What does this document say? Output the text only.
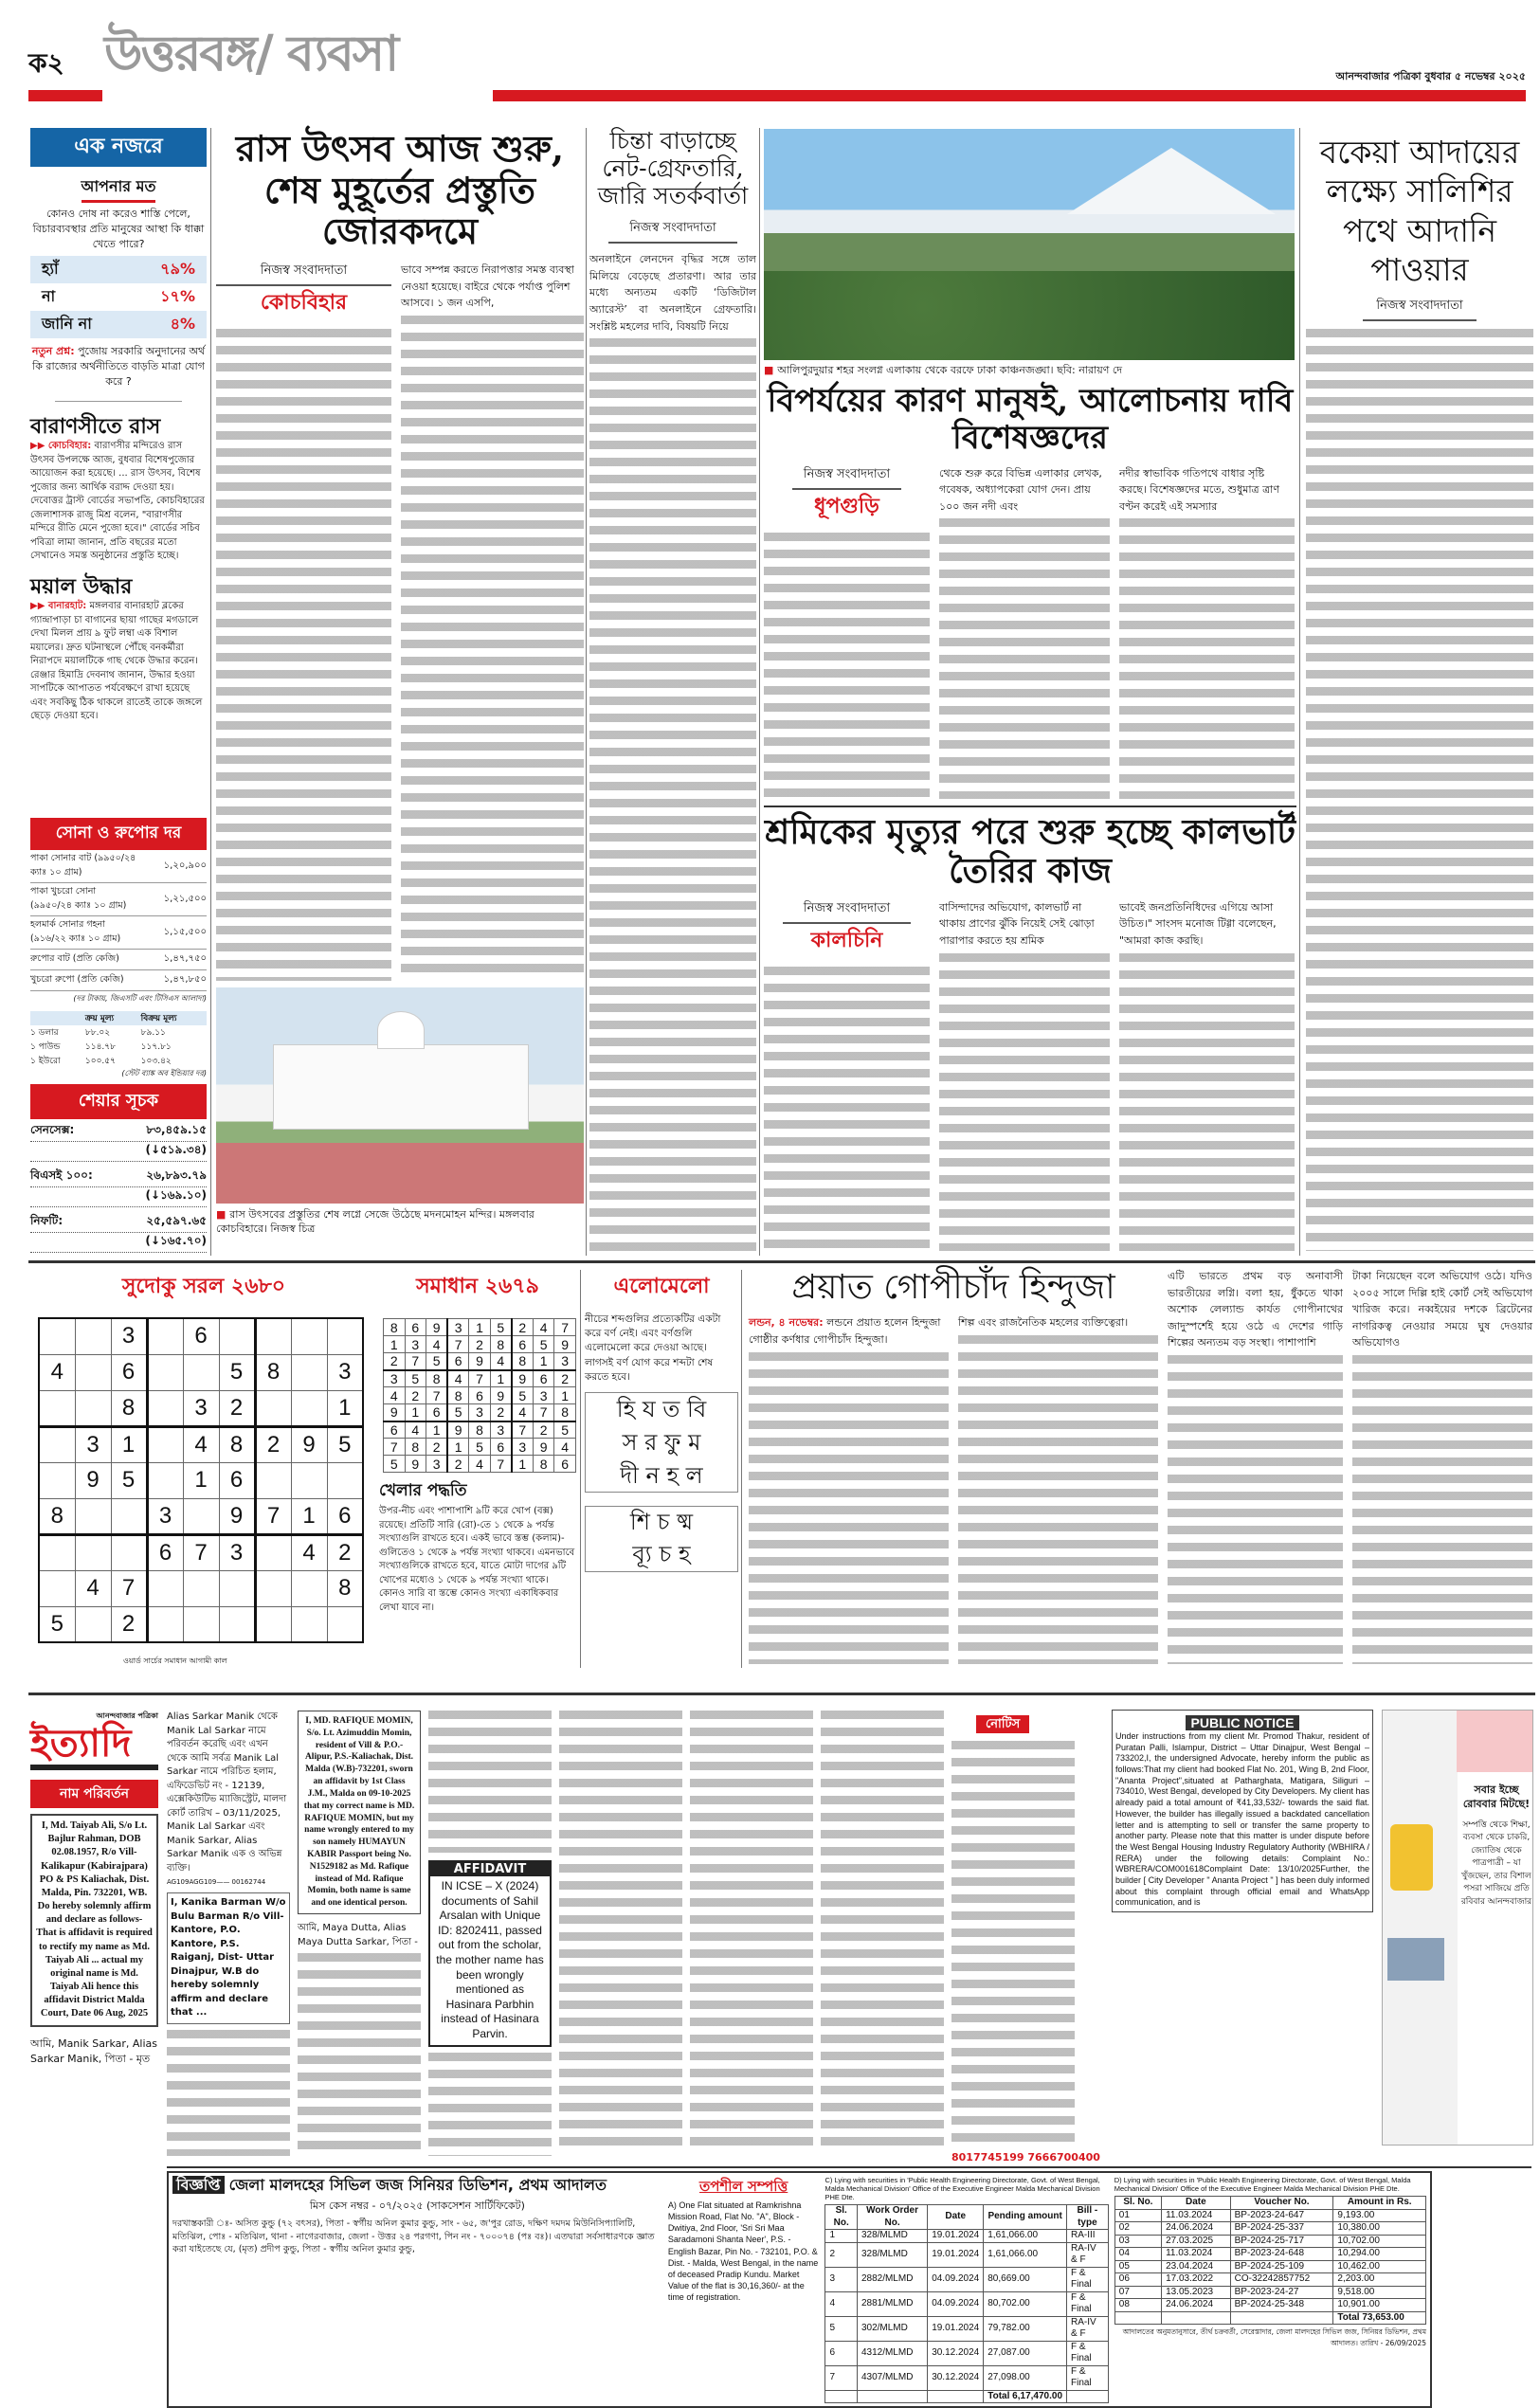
ক২ উত্তরবঙ্গ/ ব্যবসা	আনন্দবাজার পত্রিকা বুধবার ৫ নভেম্বর ২০২৫
এক নজরে
আপনার মত
কোনও দোষ না করেও শাস্তি পেলে, বিচারব্যবস্থার প্রতি মানুষের আস্থা কি ধাক্কা খেতে পারে?
হ্যাঁ	৭৯%
না	১৭%
জানি না	৪%
নতুন প্রশ্ন: পুজোয় সরকারি অনুদানের অর্থ কি রাজ্যের অর্থনীতিতে বাড়তি মাত্রা যোগ করে ?
বারাণসীতে রাস
▶▶ কোচবিহার: বারাণসীর মন্দিরেও রাস উৎসব উপলক্ষে আজ, বুধবার বিশেষপুজোর আয়োজন করা হয়েছে। ... রাস উৎসব, বিশেষ পুজোর জন্য আর্থিক বরাদ্দ দেওয়া হয়। দেবোত্তর ট্রাস্ট বোর্ডের সভাপতি, কোচবিহারের জেলাশাসক রাজু মিশ্র বলেন, "বারাণসীর মন্দিরে রীতি মেনে পুজো হবে।" বোর্ডের সচিব পবিত্রা লামা জানান, প্রতি বছরের মতো সেখানেও সমস্ত অনুষ্ঠানের প্রস্তুতি হচ্ছে।
ময়াল উদ্ধার
▶▶ বানারহাট: মঙ্গলবার বানারহাট ব্লকের গ্যান্দ্রাপাড়া চা বাগানের ছায়া গাছের মগডালে দেখা মিলল প্রায় ৯ ফুট লম্বা এক বিশাল ময়ালের। দ্রুত ঘটনাস্থলে পৌঁছে বনকর্মীরা নিরাপদে ময়ালটিকে গাছ থেকে উদ্ধার করেন। রেঞ্জার হিমাদ্রি দেবনাথ জানান, উদ্ধার হওয়া সাপটিকে আপাতত পর্যবেক্ষণে রাখা হয়েছে এবং সবকিছু ঠিক থাকলে রাতেই তাকে জঙ্গলে ছেড়ে দেওয়া হবে।
সোনা ও রুপোর দর
পাকা সোনার বাট (৯৯৫০/২৪ ক্যাঃ ১০ গ্রাম)
১,২০,৯০০
পাকা খুচরো সোনা (৯৯৫০/২৪ ক্যাঃ ১০ গ্রাম)
১,২১,৫০০
হলমার্ক সোনার গহনা (৯১৬/২২ ক্যাঃ ১০ গ্রাম)
১,১৫,৫০০
রুপোর বাট (প্রতি কেজি)	১,৪৭,৭৫০
খুচরো রুপো (প্রতি কেজি)	১,৪৭,৮৫০
(দর টাকায়, জিএসটি এবং টিসিএস আলাদা)
	ক্রয় মূল্য	বিক্রয় মূল্য
১ ডলার	৮৮.০২	৮৯.১১
১ পাউন্ড	১১৪.৭৮	১১৭.৮১
১ ইউরো	১০০.৫৭	১০৩.৪২
(স্টেট ব্যাঙ্ক অব ইন্ডিয়ার দর)
শেয়ার সূচক
সেনসেক্স:	৮৩,৪৫৯.১৫
(↓৫১৯.৩৪)
বিএসই ১০০:	২৬,৮৯৩.৭৯
(↓১৬৯.১০)
নিফটি:	২৫,৫৯৭.৬৫
(↓১৬৫.৭০)
রাস উৎসব আজ শুরু, শেষ মুহূর্তের প্রস্তুতি জোরকদমে
নিজস্ব সংবাদদাতা
কোচবিহার
ভাবে সম্পন্ন করতে নিরাপত্তার সমস্ত ব্যবস্থা নেওয়া হয়েছে। বাইরে থেকে পর্যাপ্ত পুলিশ আসবে। ১ জন এসপি,
■ রাস উৎসবের প্রস্তুতির শেষ লগ্নে সেজে উঠেছে মদনমোহন মন্দির। মঙ্গলবার কোচবিহারে। নিজস্ব চিত্র
চিন্তা বাড়াচ্ছে নেট-গ্রেফতারি, জারি সতর্কবার্তা
নিজস্ব সংবাদদাতা
অনলাইনে লেনদেন বৃদ্ধির সঙ্গে তাল মিলিয়ে বেড়েছে প্রতারণা। আর তার মধ্যে অন্যতম একটি ‘ডিজিটাল অ্যারেস্ট’ বা অনলাইনে গ্রেফতারি। সংশ্লিষ্ট মহলের দাবি, বিষয়টি নিয়ে
■ আলিপুরদুয়ার শহর সংলগ্ন এলাকায় থেকে বরফে ঢাকা কাঞ্চনজঙ্ঘা। ছবি: নারায়ণ দে
বিপর্যয়ের কারণ মানুষই, আলোচনায় দাবি বিশেষজ্ঞদের
নিজস্ব সংবাদদাতা
ধূপগুড়ি
থেকে শুরু করে বিভিন্ন এলাকার লেখক, গবেষক, অধ্যাপকেরা যোগ দেন। প্রায় ১০০ জন নদী এবং
নদীর স্বাভাবিক গতিপথে বাধার সৃষ্টি করছে। বিশেষজ্ঞদের মতে, শুধুমাত্র ত্রাণ বণ্টন করেই এই সমস্যার
শ্রমিকের মৃত্যুর পরে শুরু হচ্ছে কালভার্ট তৈরির কাজ
নিজস্ব সংবাদদাতা
কালচিনি
বাসিন্দাদের অভিযোগ, কালভার্ট না থাকায় প্রাণের ঝুঁকি নিয়েই সেই ঝোড়া পারাপার করতে হয় শ্রমিক
ভাবেই জনপ্রতিনিধিদের এগিয়ে আসা উচিত।" সাংসদ মনোজ টিগ্গা বলেছেন, "আমরা কাজ করছি।
বকেয়া আদায়ের লক্ষ্যে সালিশির পথে আদানি পাওয়ার
নিজস্ব সংবাদদাতা
সুদোকু সরল ২৬৮০
		3		6				
4		6			5	8		3
		8		3	2			1
	3	1		4	8	2	9	5
	9	5		1	6			
8			3		9	7	1	6
			6	7	3		4	2
	4	7						8
5		2						
ওয়ার্ড সার্চের সমাধান আগামী কাল
সমাধান ২৬৭৯
8	6	9	3	1	5	2	4	7
1	3	4	7	2	8	6	5	9
2	7	5	6	9	4	8	1	3
3	5	8	4	7	1	9	6	2
4	2	7	8	6	9	5	3	1
9	1	6	5	3	2	4	7	8
6	4	1	9	8	3	7	2	5
7	8	2	1	5	6	3	9	4
5	9	3	2	4	7	1	8	6
খেলার পদ্ধতি
উপর-নীচ এবং পাশাপাশি ৯টি করে খোপ (বক্স) রয়েছে। প্রতিটি সারি (রো)-তে ১ থেকে ৯ পর্যন্ত সংখ্যাগুলি রাখতে হবে। একই ভাবে স্তম্ভ (কলাম)-গুলিতেও ১ থেকে ৯ পর্যন্ত সংখ্যা থাকবে। এমনভাবে সংখ্যাগুলিকে রাখতে হবে, যাতে মোটা দাগের ৯টি খোপের মধ্যেও ১ থেকে ৯ পর্যন্ত সংখ্যা থাকে। কোনও সারি বা স্তম্ভে কোনও সংখ্যা একাধিকবার লেখা যাবে না।
এলোমেলো
নীচের শব্দগুলির প্রত্যেকটির একটা করে বর্ণ নেই। এবং বর্ণগুলি এলোমেলো করে দেওয়া আছে। লাগসই বর্ণ যোগ করে শব্দটা শেষ করতে হবে।
হি য ত বি
স র ফু ম
দী ন হ ল
শি চ ষ্ম
ব্যূ চ হ
প্রয়াত গোপীচাঁদ হিন্দুজা
লন্ডন, ৪ নভেম্বর: লন্ডনে প্রয়াত হলেন হিন্দুজা গোষ্ঠীর কর্ণধার গোপীচাঁদ হিন্দুজা।
শিল্প এবং রাজনৈতিক মহলের ব্যক্তিত্বেরা।
এটি ভারতে প্রথম বড় অনাবাসী ভারতীয়ের লগ্নি। বলা হয়, ধুঁকতে থাকা অশোক লেল্যান্ড কার্যত গোপীনাথের জাদুস্পর্শেই হয়ে ওঠে এ দেশের গাড়ি শিল্পের অন্যতম বড় সংস্থা। পাশাপাশি
টাকা নিয়েছেন বলে অভিযোগ ওঠে। যদিও ২০০৫ সালে দিল্লি হাই কোর্ট সেই অভিযোগ খারিজ করে। নব্বইয়ের দশকে ব্রিটেনের নাগরিকত্ব নেওয়ার সময়ে ঘুষ দেওয়ার অভিযোগও
আনন্দবাজার পত্রিকা
ইত্যাদি
নাম পরিবর্তন
I, Md. Taiyab Ali, S/o Lt. Bajlur Rahman, DOB 02.08.1957, R/o Vill-Kalikapur (Kabirajpara) PO & PS Kaliachak, Dist. Malda, Pin. 732201, WB. Do hereby solemnly affirm and declare as follows- That is affidavit is required to rectify my name as Md. Taiyab Ali ... actual my original name is Md. Taiyab Ali hence this affidavit District Malda Court, Date 06 Aug, 2025
আমি, Manik Sarkar, Alias Sarkar Manik, পিতা - মৃত
Alias Sarkar Manik থেকে Manik Lal Sarkar নামে পরিবর্তন করেছি এবং এখন থেকে আমি সর্বত্র Manik Lal Sarkar নামে পরিচিত হলাম, এফিডেভিট নং - 12139, এক্সেকিউটিভ ম্যাজিস্ট্রেট, মালদা কোর্ট তারিখ – 03/11/2025, Manik Lal Sarkar এবং Manik Sarkar, Alias Sarkar Manik এক ও অভিন্ন ব্যক্তি।
AG109AGG109—— 00162744
I, Kanika Barman W/o Bulu Barman R/o Vill-Kantore, P.O. Kantore, P.S. Raiganj, Dist- Uttar Dinajpur, W.B do hereby solemnly affirm and declare that ...
I, MD. RAFIQUE MOMIN, S/o. Lt. Azimuddin Momin, resident of Vill & P.O.-Alipur, P.S.-Kaliachak, Dist. Malda (W.B)-732201, sworn an affidavit by 1st Class J.M., Malda on 09-10-2025 that my correct name is MD. RAFIQUE MOMIN, but my name wrongly entered to my son namely HUMAYUN KABIR Passport being No. N1529182 as Md. Rafique instead of Md. Rafique Momin, both name is same and one identical person.
আমি, Maya Dutta, Alias Maya Dutta Sarkar, পিতা -
AFFIDAVIT
IN ICSE – X (2024) documents of Sahil Arsalan with Unique ID: 8202411, passed out from the scholar, the mother name has been wrongly mentioned as Hasinara Parbhin instead of Hasinara Parvin.
নোটিস
8017745199 7666700400
PUBLIC NOTICE
Under instructions from my client Mr. Promod Thakur, resident of Puratan Palli, Islampur, District – Uttar Dinajpur, West Bengal – 733202,I, the undersigned Advocate, hereby inform the public as follows:That my client had booked Flat No. 201, Wing B, 2nd Floor, "Ananta Project",situated at Patharghata, Matigara, Siliguri – 734010, West Bengal, developed by City Developers. My client has already paid a total amount of ₹41,33,532/- towards the said flat. However, the builder has illegally issued a backdated cancellation letter and is attempting to sell or transfer the same property to another party. Please note that this matter is under dispute before the West Bengal Housing Industry Regulatory Authority (WBHIRA / RERA) under the following details: Complaint No.: WBRERA/COM001618Complaint Date: 13/10/2025Further, the builder [ City Developer " Ananta Project " ] has been duly informed about this complaint through official email and WhatsApp communication, and is
সবার ইচ্ছে রোববার মিটছে!
সম্পত্তি থেকে শিক্ষা, ব্যবসা থেকে চাকরি, জ্যোতিষ থেকে পাত্রপাত্রী – যা খুঁজছেন, তার বিশাল পসরা সাজিয়ে প্রতি রবিবার আনন্দবাজার
বিজ্ঞপ্তি জেলা মালদহের সিভিল জজ সিনিয়র ডিভিশন, প্রথম আদালত
মিস কেস নম্বর - ০৭/২০২৫ (সাকসেশন সার্টিফিকেট)
দরখাস্তকারী ঃ- অসিত কুন্ডু (৭২ বৎসর), পিতা - স্বর্গীয় অনিল কুমার কুন্ডু, সাং - ৬৫, জ'পুর রোড, দক্ষিণ দমদম মিউনিসিপ্যালিটি, মতিঝিল, পোঃ - মতিঝিল, থানা - নাগেরবাজার, জেলা - উত্তর ২৪ পরগণা, পিন নং - ৭০০০৭৪ (পঃ বঃ)। এতদ্বারা সর্বসাধারণকে জ্ঞাত করা যাইতেছে যে, (মৃত) প্রদীপ কুন্ডু, পিতা - স্বর্গীয় অনিল কুমার কুন্ডু,
তপশীল সম্পত্তি
A) One Flat situated at Ramkrishna Mission Road, Flat No. "A", Block - Dwitiya, 2nd Floor, 'Sri Sri Maa Saradamoni Shanta Neer', P.S. - English Bazar, Pin No. - 732101, P.O. & Dist. - Malda, West Bengal, in the name of deceased Pradip Kundu. Market Value of the flat is 30,16,360/- at the time of registration.
C) Lying with securities in 'Public Health Engineering Directorate, Govt. of West Bengal, Malda Mechanical Division' Office of the Executive Engineer Malda Mechanical Division PHE Dte.
Sl. No.	Work Order No.	Date	Pending amount	Bill - type
1	328/MLMD	19.01.2024	1,61,066.00	RA-III
2	328/MLMD	19.01.2024	1,61,066.00	RA-IV & F
3	2882/MLMD	04.09.2024	80,669.00	F & Final
4	2881/MLMD	04.09.2024	80,702.00	F & Final
5	302/MLMD	19.01.2024	79,782.00	RA-IV & F
6	4312/MLMD	30.12.2024	27,087.00	F & Final
7	4307/MLMD	30.12.2024	27,098.00	F & Final
			Total 6,17,470.00	
D) Lying with securities in 'Public Health Engineering Directorate, Govt. of West Bengal, Malda Mechanical Division' Office of the Executive Engineer Malda Mechanical Division PHE Dte.
Sl. No.	Date	Voucher No.	Amount in Rs.
01	11.03.2024	BP-2023-24-647	9,193.00
02	24.06.2024	BP-2024-25-337	10,380.00
03	27.03.2025	BP-2024-25-717	10,702.00
04	11.03.2024	BP-2023-24-648	10,294.00
05	23.04.2024	BP-2024-25-109	10,462.00
06	17.03.2022	CO-32242857752	2,203.00
07	13.05.2023	BP-2023-24-27	9,518.00
08	24.06.2024	BP-2024-25-348	10,901.00
			Total 73,653.00
আদালতের অনুমতানুসারে, তীর্থ চক্রবর্তী, সেরেস্তাদার, জেলা মালদহের সিভিল জজ, সিনিয়র ডিভিশন, প্রথম আদালত। তারিখ - 26/09/2025
